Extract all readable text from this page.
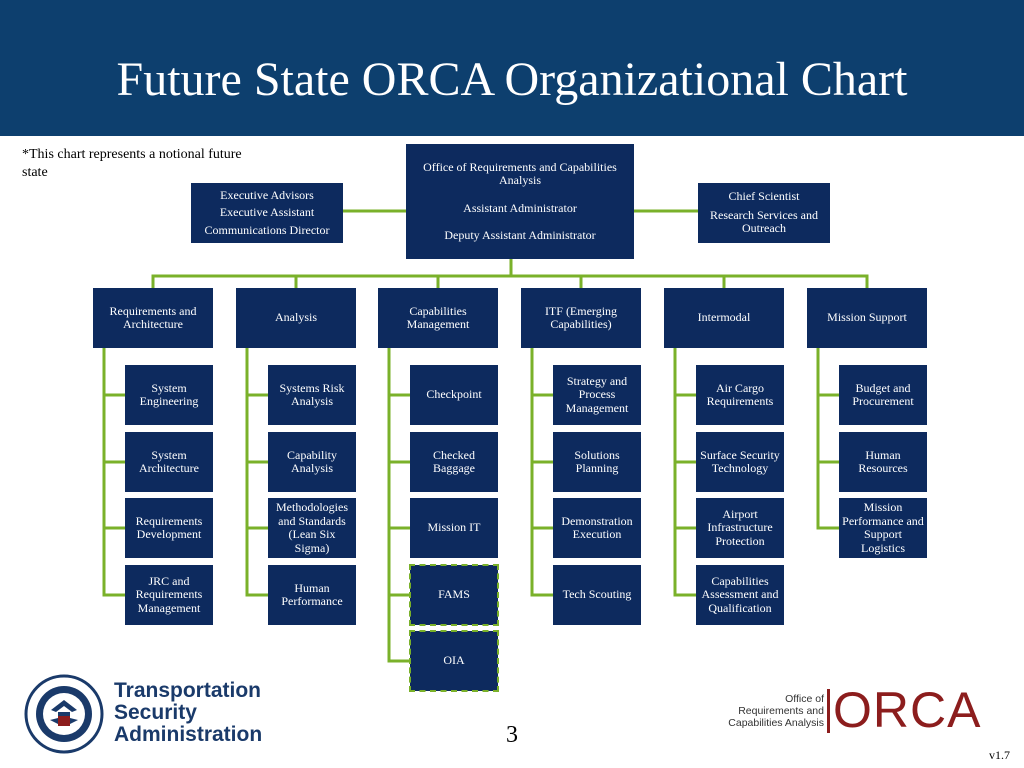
Future State ORCA Organizational Chart
*This chart represents a notional future state	Office of Requirements and Capabilities Analysis
Assistant Administrator
Deputy Assistant Administrator
Executive Advisors
Executive Assistant
Communications Director
Chief Scientist
Research Services and Outreach
Requirements and Architecture
System Engineering
System Architecture
Requirements Development
JRC and Requirements Management
Analysis
Systems Risk Analysis
Capability Analysis
Methodologies and Standards (Lean Six Sigma)
Human Performance
Capabilities Management
Checkpoint
Checked Baggage
Mission IT
FAMS
OIA
ITF (Emerging Capabilities)
Strategy and Process Management
Solutions Planning
Demonstration Execution
Tech Scouting
Intermodal
Air Cargo Requirements
Surface Security Technology
Airport Infrastructure Protection
Capabilities Assessment and Qualification
Mission Support
Budget and Procurement
Human Resources
Mission Performance and Support Logistics
Transportation
Security
Administration	3
Office of
Requirements and
Capabilities Analysis ORCA
v1.7
